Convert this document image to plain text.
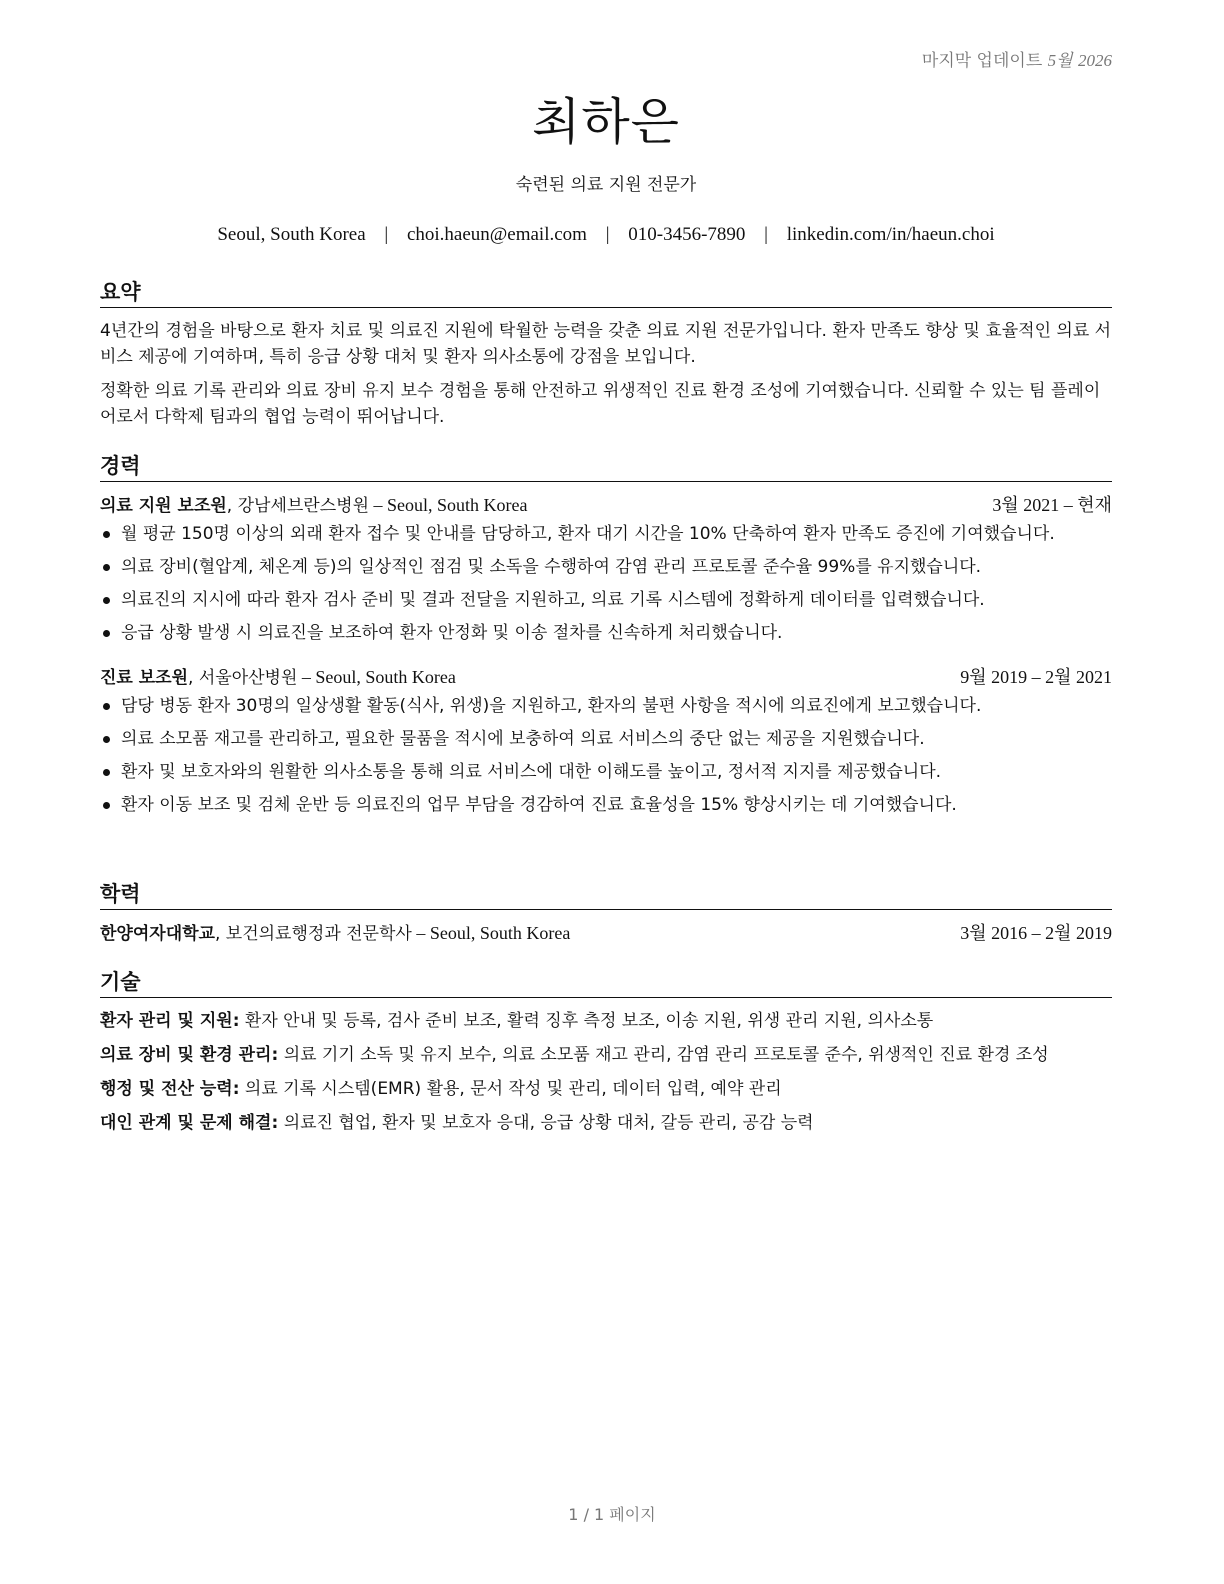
마지막 업데이트 5월 2026
최하은
숙련된 의료 지원 전문가
Seoul, South Korea | choi.haeun@email.com | 010-3456-7890 | linkedin.com/in/haeun.choi
요약

4년간의 경험을 바탕으로 환자 치료 및 의료진 지원에 탁월한 능력을 갖춘 의료 지원 전문가입니다. 환자 만족도 향상 및 효율적인 의료 서비스 제공에 기여하며, 특히 응급 상황 대처 및 환자 의사소통에 강점을 보입니다.

정확한 의료 기록 관리와 의료 장비 유지 보수 경험을 통해 안전하고 위생적인 진료 환경 조성에 기여했습니다. 신뢰할 수 있는 팀 플레이어로서 다학제 팀과의 협업 능력이 뛰어납니다.

경력
의료 지원 보조원, 강남세브란스병원 – Seoul, South Korea	3월 2021 – 현재
월 평균 150명 이상의 외래 환자 접수 및 안내를 담당하고, 환자 대기 시간을 10% 단축하여 환자 만족도 증진에 기여했습니다.
의료 장비(혈압계, 체온계 등)의 일상적인 점검 및 소독을 수행하여 감염 관리 프로토콜 준수율 99%를 유지했습니다.
의료진의 지시에 따라 환자 검사 준비 및 결과 전달을 지원하고, 의료 기록 시스템에 정확하게 데이터를 입력했습니다.
응급 상황 발생 시 의료진을 보조하여 환자 안정화 및 이송 절차를 신속하게 처리했습니다.
진료 보조원, 서울아산병원 – Seoul, South Korea	9월 2019 – 2월 2021
담당 병동 환자 30명의 일상생활 활동(식사, 위생)을 지원하고, 환자의 불편 사항을 적시에 의료진에게 보고했습니다.
의료 소모품 재고를 관리하고, 필요한 물품을 적시에 보충하여 의료 서비스의 중단 없는 제공을 지원했습니다.
환자 및 보호자와의 원활한 의사소통을 통해 의료 서비스에 대한 이해도를 높이고, 정서적 지지를 제공했습니다.
환자 이동 보조 및 검체 운반 등 의료진의 업무 부담을 경감하여 진료 효율성을 15% 향상시키는 데 기여했습니다.
학력
한양여자대학교, 보건의료행정과 전문학사 – Seoul, South Korea	3월 2016 – 2월 2019
기술

환자 관리 및 지원: 환자 안내 및 등록, 검사 준비 보조, 활력 징후 측정 보조, 이송 지원, 위생 관리 지원, 의사소통

의료 장비 및 환경 관리: 의료 기기 소독 및 유지 보수, 의료 소모품 재고 관리, 감염 관리 프로토콜 준수, 위생적인 진료 환경 조성

행정 및 전산 능력: 의료 기록 시스템(EMR) 활용, 문서 작성 및 관리, 데이터 입력, 예약 관리

대인 관계 및 문제 해결: 의료진 협업, 환자 및 보호자 응대, 응급 상황 대처, 갈등 관리, 공감 능력

1 / 1 페이지
